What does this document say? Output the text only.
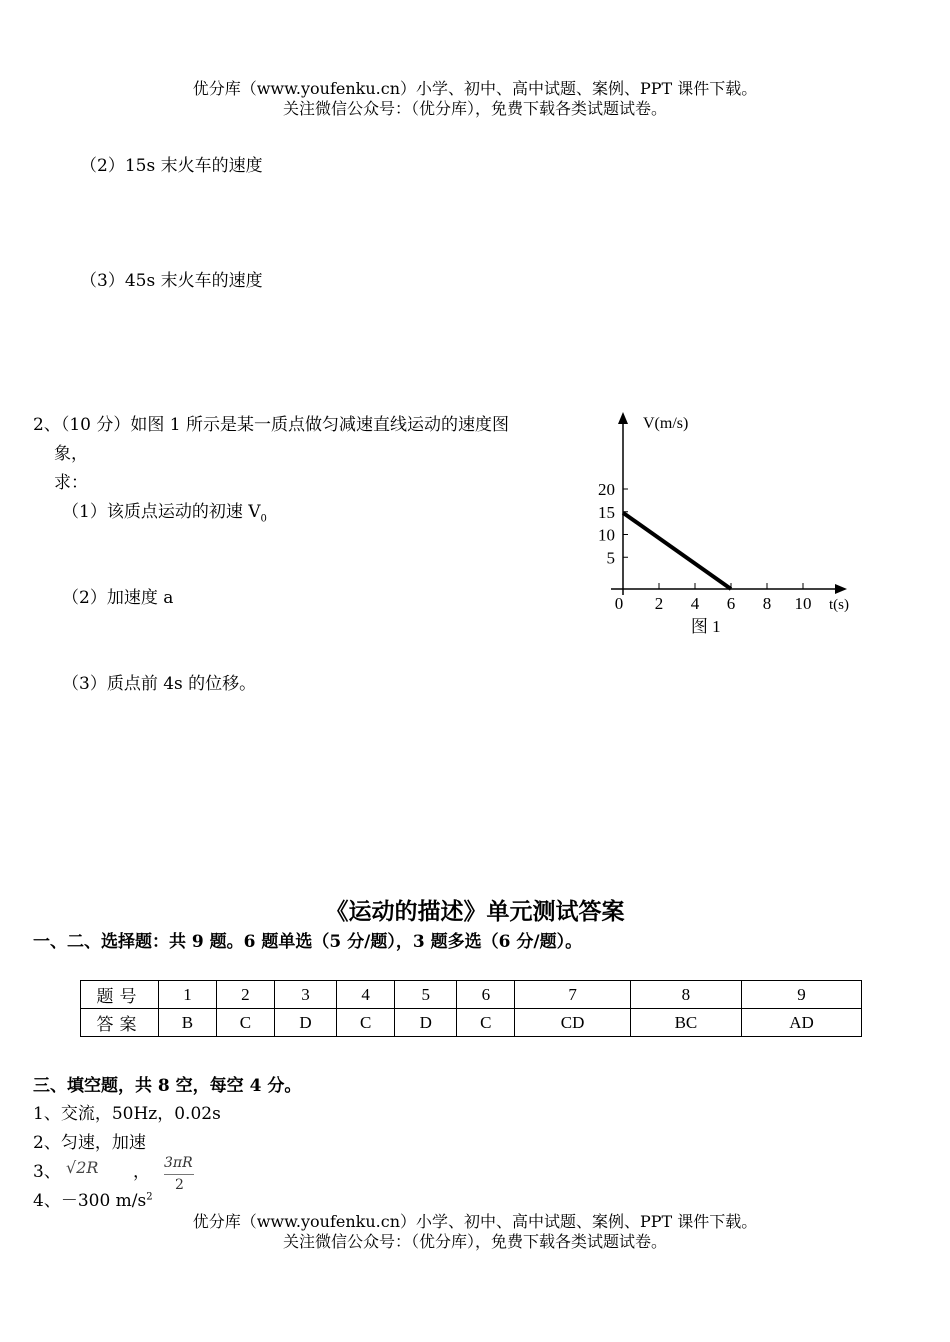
优分库（www.youfenku.cn）小学、初中、高中试题、案例、PPT 课件下载。
关注微信公众号：（优分库），免费下载各类试题试卷。
（2）15s 末火车的速度
（3）45s 末火车的速度
2、（10 分）如图 1 所示是某一质点做匀减速直线运动的速度图
象，
求：
（1）该质点运动的初速 $V_0$
（2）加速度 a
（3）质点前 4s 的位移。
V(m/s)
t(s)
0 2 4 6 8 10
5
10
15
20
图 1
《运动的描述》单元测试答案
一、二、选择题：共 9 题。6 题单选（5 分/题），3 题多选（6 分/题）。
题号	1	2	3	4	5	6	7	8	9
答案	B	C	D	C	D	C	CD	BC	AD
三、填空题，共 8 空，每空 4 分。
1、交流，50Hz，0.02s
2、匀速，加速
3、 √2R ， 3πR
2
4、－300 $m/s^2$
优分库（www.youfenku.cn）小学、初中、高中试题、案例、PPT 课件下载。
关注微信公众号：（优分库），免费下载各类试题试卷。
